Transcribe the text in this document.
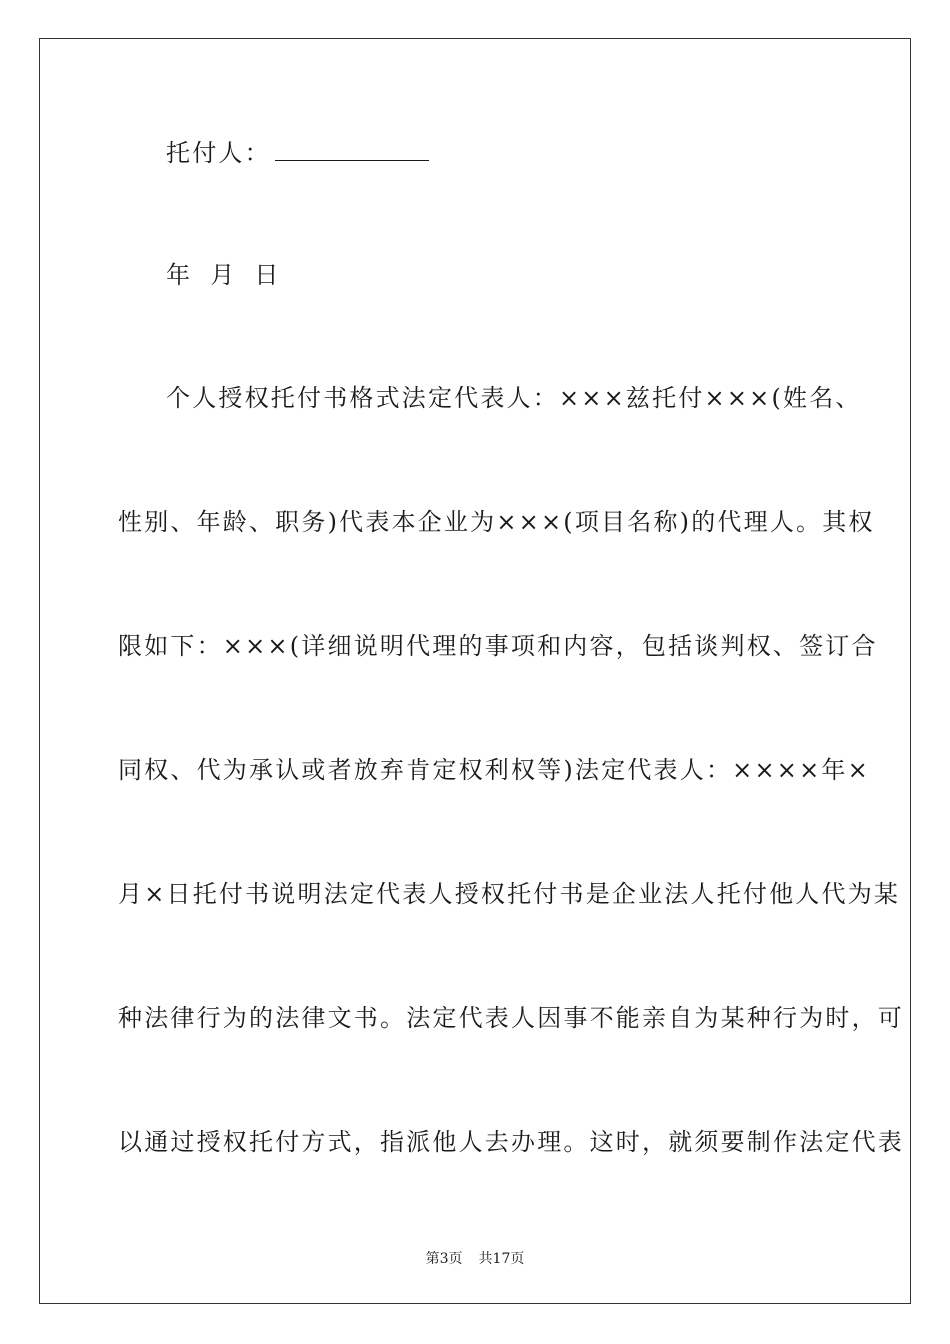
托付人：
年 月 日
个人授权托付书格式法定代表人：×××兹托付×××(姓名、
性别、年龄、职务)代表本企业为×××(项目名称)的代理人。其权
限如下：×××(详细说明代理的事项和内容，包括谈判权、签订合
同权、代为承认或者放弃肯定权利权等)法定代表人：××××年×
月×日托付书说明法定代表人授权托付书是企业法人托付他人代为某
种法律行为的法律文书。法定代表人因事不能亲自为某种行为时，可
以通过授权托付方式，指派他人去办理。这时，就须要制作法定代表
第3页 共17页
